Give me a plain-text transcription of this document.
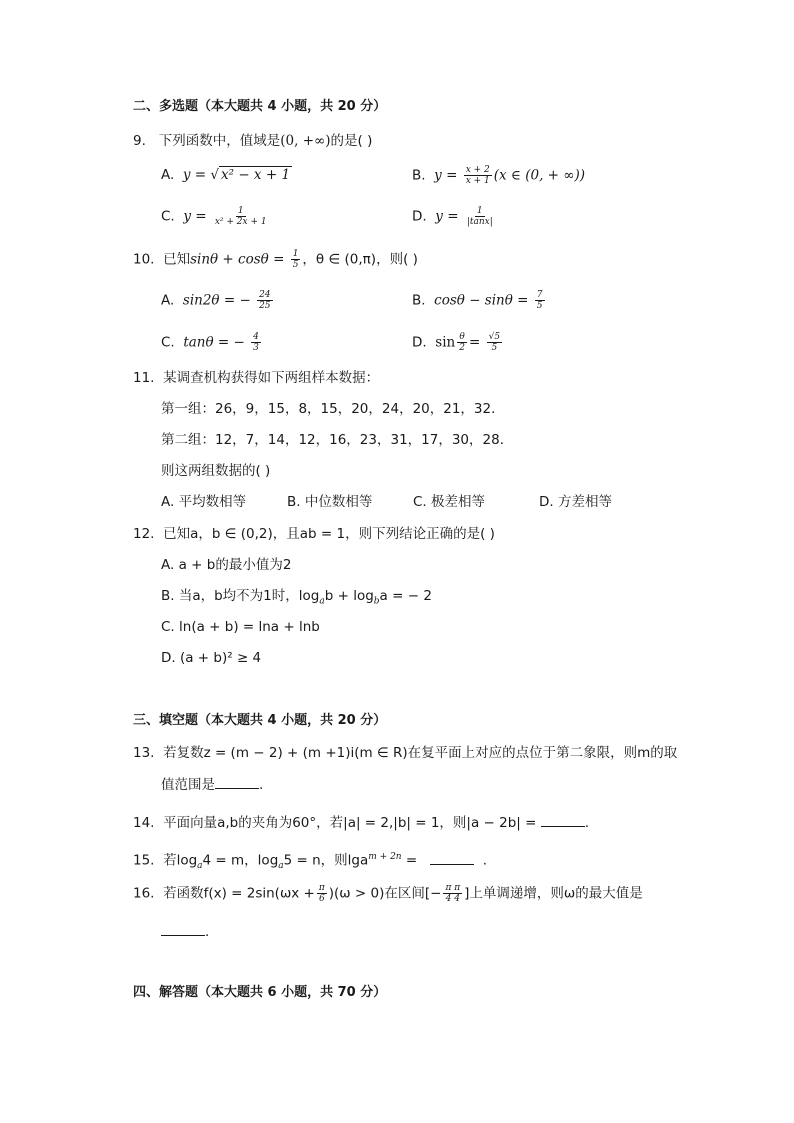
二、多选题（本大题共 4 小题，共 20 分）
9. 下列函数中，值域是(0, +∞)的是( )
A. y = √ x² − x + 1	B. $y = \frac{x + 2}{x + 1} (x$ ∈ (0, + ∞))
C. $y = \frac{1}{\text{x² + 2x + 1}}$	D. $y = \frac{1}{|\tan x|}$
10. 已知$\sin\theta + \cos\theta = \frac{1}{5}$ ，θ ∈ (0,π)，则( )
A. sin2θ = − $\frac{24}{25}$	B. $\cos\theta - \sin\theta = \frac{7}{5}$
C. tanθ = − $\frac{4}{3}$	D. $\sin \frac{\theta}{2} = \frac{√5}{5}$
11. 某调查机构获得如下两组样本数据：
第一组：26，9，15，8，15，20，24，20，21，32．
第二组：12，7，14，12，16，23，31，17，30，28．
则这两组数据的( )
A. 平均数相等	B. 中位数相等	C. 极差相等	D. 方差相等
12. 已知a，b ∈ (0,2)，且ab = 1，则下列结论正确的是( )
A. a + b的最小值为2
B. 当a，b均不为1时，$\log_ab + \log_ba$ = − 2
C. ln(a + b) = lna + lnb
D. (a + b)² ≥ 4
三、填空题（本大题共 4 小题，共 20 分）
13. 若复数z = (m − 2) + (m +1)i(m ∈ R)在复平面上对应的点位于第二象限，则m的取
值范围是	.
14. 平面向量a,b的夹角为60°，若|a| = 2,|b| = 1，则|a − 2b| =	.
15. 若$\log_a4 = m$，$\log_a5 = n$，则lga$^{m + 2n}$ =	.
16. 若函数$f(x) = 2\sin(\omega x + \frac{\pi}{6} )(\omega > 0)$在区间[− $\frac{\text{π π}}{4 4}$ ]上单调递增，则ω的最大值是
.
四、解答题（本大题共 6 小题，共 70 分）
